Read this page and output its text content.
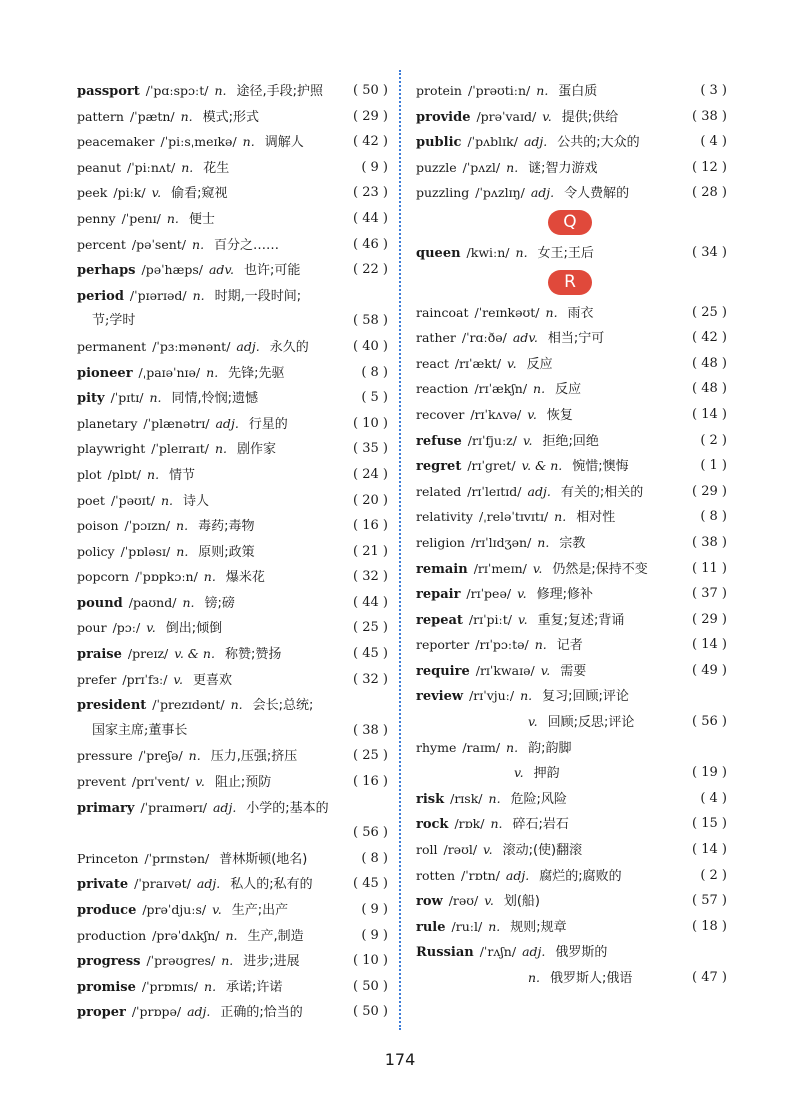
passport /ˈpɑːspɔːt/ n. 途径,手段;护照 ( 50 )
pattern /ˈpætn/ n. 模式;形式	( 29 )
peacemaker /ˈpiːsˌmeɪkə/ n. 调解人	( 42 )
peanut /ˈpiːnʌt/ n. 花生	( 9 )
peek /piːk/ v. 偷看;窥视	( 23 )
penny /ˈpenɪ/ n. 便士	( 44 )
percent /pəˈsent/ n. 百分之……	( 46 )
perhaps /pəˈhæps/ adv. 也许;可能	( 22 )
period /ˈpɪərɪəd/ n. 时期,一段时间;
节;学时	( 58 )
permanent /ˈpɜːmənənt/ adj. 永久的	( 40 )
pioneer /ˌpaɪəˈnɪə/ n. 先锋;先驱	( 8 )
pity /ˈpɪtɪ/ n. 同情,怜悯;遗憾	( 5 )
planetary /ˈplænətrɪ/ adj. 行星的	( 10 )
playwright /ˈpleɪraɪt/ n. 剧作家	( 35 )
plot /plɒt/ n. 情节	( 24 )
poet /ˈpəʊɪt/ n. 诗人	( 20 )
poison /ˈpɔɪzn/ n. 毒药;毒物	( 16 )
policy /ˈpɒləsɪ/ n. 原则;政策	( 21 )
popcorn /ˈpɒpkɔːn/ n. 爆米花	( 32 )
pound /paʊnd/ n. 镑;磅	( 44 )
pour /pɔː/ v. 倒出;倾倒	( 25 )
praise /preɪz/ v. & n. 称赞;赞扬	( 45 )
prefer /prɪˈfɜː/ v. 更喜欢	( 32 )
president /ˈprezɪdənt/ n. 会长;总统;
国家主席;董事长	( 38 )
pressure /ˈpreʃə/ n. 压力,压强;挤压	( 25 )
prevent /prɪˈvent/ v. 阻止;预防	( 16 )
primary /ˈpraɪmərɪ/ adj. 小学的;基本的
( 56 )
Princeton /ˈprɪnstən/ 普林斯顿(地名)	( 8 )
private /ˈpraɪvət/ adj. 私人的;私有的	( 45 )
produce /prəˈdjuːs/ v. 生产;出产	( 9 )
production /prəˈdʌkʃn/ n. 生产,制造	( 9 )
progress /ˈprəʊgres/ n. 进步;进展	( 10 )
promise /ˈprɒmɪs/ n. 承诺;许诺	( 50 )
proper /ˈprɒpə/ adj. 正确的;恰当的	( 50 )
protein /ˈprəʊtiːn/ n. 蛋白质	( 3 )
provide /prəˈvaɪd/ v. 提供;供给	( 38 )
public /ˈpʌblɪk/ adj. 公共的;大众的	( 4 )
puzzle /ˈpʌzl/ n. 谜;智力游戏	( 12 )
puzzling /ˈpʌzlɪŋ/ adj. 令人费解的	( 28 )
Q
queen /kwiːn/ n. 女王;王后	( 34 )
R
raincoat /ˈreɪnkəʊt/ n. 雨衣	( 25 )
rather /ˈrɑːðə/ adv. 相当;宁可	( 42 )
react /rɪˈækt/ v. 反应	( 48 )
reaction /rɪˈækʃn/ n. 反应	( 48 )
recover /rɪˈkʌvə/ v. 恢复	( 14 )
refuse /rɪˈfjuːz/ v. 拒绝;回绝	( 2 )
regret /rɪˈgret/ v. & n. 惋惜;懊悔	( 1 )
related /rɪˈleɪtɪd/ adj. 有关的;相关的	( 29 )
relativity /ˌreləˈtɪvɪtɪ/ n. 相对性	( 8 )
religion /rɪˈlɪdʒən/ n. 宗教	( 38 )
remain /rɪˈmeɪn/ v. 仍然是;保持不变	( 11 )
repair /rɪˈpeə/ v. 修理;修补	( 37 )
repeat /rɪˈpiːt/ v. 重复;复述;背诵	( 29 )
reporter /rɪˈpɔːtə/ n. 记者	( 14 )
require /rɪˈkwaɪə/ v. 需要	( 49 )
review /rɪˈvjuː/ n. 复习;回顾;评论
v. 回顾;反思;评论	( 56 )
rhyme /raɪm/ n. 韵;韵脚
v. 押韵	( 19 )
risk /rɪsk/ n. 危险;风险	( 4 )
rock /rɒk/ n. 碎石;岩石	( 15 )
roll /rəʊl/ v. 滚动;(使)翻滚	( 14 )
rotten /ˈrɒtn/ adj. 腐烂的;腐败的	( 2 )
row /rəʊ/ v. 划(船)	( 57 )
rule /ruːl/ n. 规则;规章	( 18 )
Russian /ˈrʌʃn/ adj. 俄罗斯的
n. 俄罗斯人;俄语	( 47 )
174
